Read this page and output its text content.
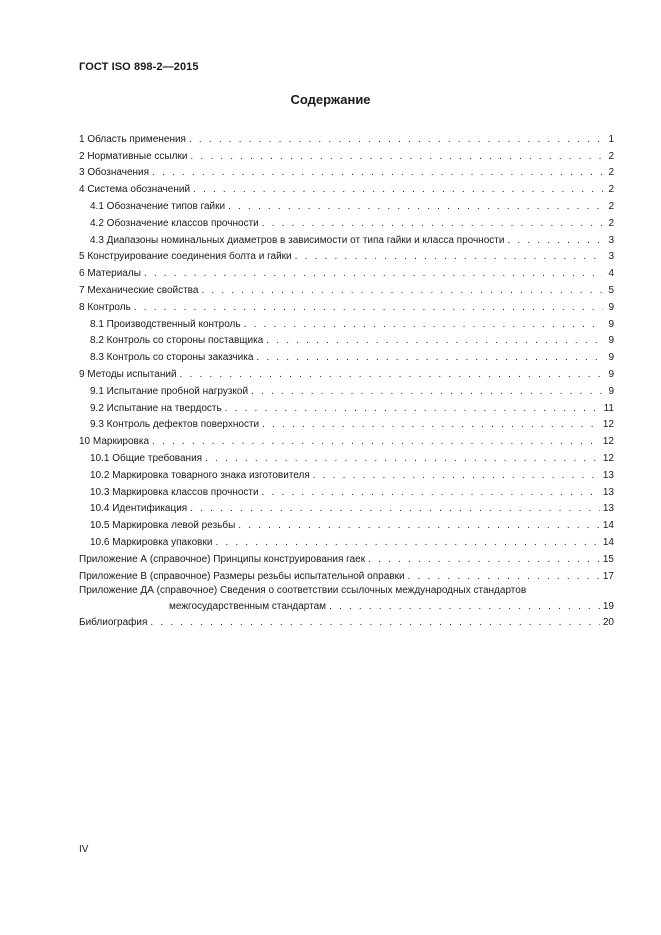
ГОСТ ISO 898-2—2015
Содержание
1 Область применения . . .	1
2 Нормативные ссылки . . .	2
3 Обозначения . . .	2
4 Система обозначений . . .	2
4.1 Обозначение типов гайки . . .	2
4.2 Обозначение классов прочности . . .	2
4.3 Диапазоны номинальных диаметров в зависимости от типа гайки и класса прочности . . .	3
5 Конструирование соединения болта и гайки . . .	3
6 Материалы . . .	4
7 Механические свойства . . .	5
8 Контроль . . .	9
8.1 Производственный контроль . . .	9
8.2 Контроль со стороны поставщика . . .	9
8.3 Контроль со стороны заказчика . . .	9
9 Методы испытаний . . .	9
9.1 Испытание пробной нагрузкой . . .	9
9.2 Испытание на твердость . . .	11
9.3 Контроль дефектов поверхности . . .	12
10 Маркировка . . .	12
10.1 Общие требования . . .	12
10.2 Маркировка товарного знака изготовителя . . .	13
10.3 Маркировка классов прочности . . .	13
10.4 Идентификация . . .	13
10.5 Маркировка левой резьбы . . .	14
10.6 Маркировка упаковки . . .	14
Приложение А (справочное) Принципы конструирования гаек . . .	15
Приложение В (справочное) Размеры резьбы испытательной оправки . . .	17
Приложение ДА (справочное) Сведения о соответствии ссылочных международных стандартов
межгосударственным стандартам . . .	19
Библиография . . .	20
IV
